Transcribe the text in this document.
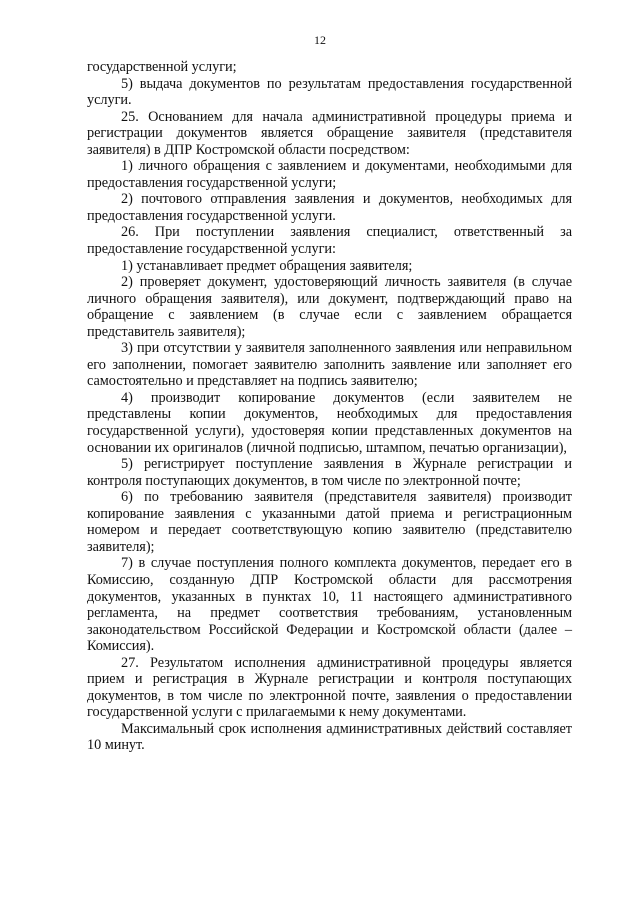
12

государственной услуги;

5) выдача документов по результатам предоставления государственной услуги.

25. Основанием для начала административной процедуры приема и регистрации документов является обращение заявителя (представителя заявителя) в ДПР Костромской области посредством:

1) личного обращения с заявлением и документами, необходимыми для предоставления государственной услуги;

2) почтового отправления заявления и документов, необходимых для предоставления государственной услуги.

26. При поступлении заявления специалист, ответственный за предоставление государственной услуги:

1) устанавливает предмет обращения заявителя;

2) проверяет документ, удостоверяющий личность заявителя (в случае личного обращения заявителя), или документ, подтверждающий право на обращение с заявлением (в случае если с заявлением обращается представитель заявителя);

3) при отсутствии у заявителя заполненного заявления или неправильном его заполнении, помогает заявителю заполнить заявление или заполняет его самостоятельно и представляет на подпись заявителю;

4) производит копирование документов (если заявителем не представлены копии документов, необходимых для предоставления государственной услуги), удостоверяя копии представленных документов на основании их оригиналов (личной подписью, штампом, печатью организации),

5) регистрирует поступление заявления в Журнале регистрации и контроля поступающих документов, в том числе по электронной почте;

6) по требованию заявителя (представителя заявителя) производит копирование заявления с указанными датой приема и регистрационным номером и передает соответствующую копию заявителю (представителю заявителя);

7) в случае поступления полного комплекта документов, передает его в Комиссию, созданную ДПР Костромской области для рассмотрения документов, указанных в пунктах 10, 11 настоящего административного регламента, на предмет соответствия требованиям, установленным законодательством Российской Федерации и Костромской области (далее – Комиссия).

27. Результатом исполнения административной процедуры является прием и регистрация в Журнале регистрации и контроля поступающих документов, в том числе по электронной почте, заявления о предоставлении государственной услуги с прилагаемыми к нему документами.

Максимальный срок исполнения административных действий составляет 10 минут.
